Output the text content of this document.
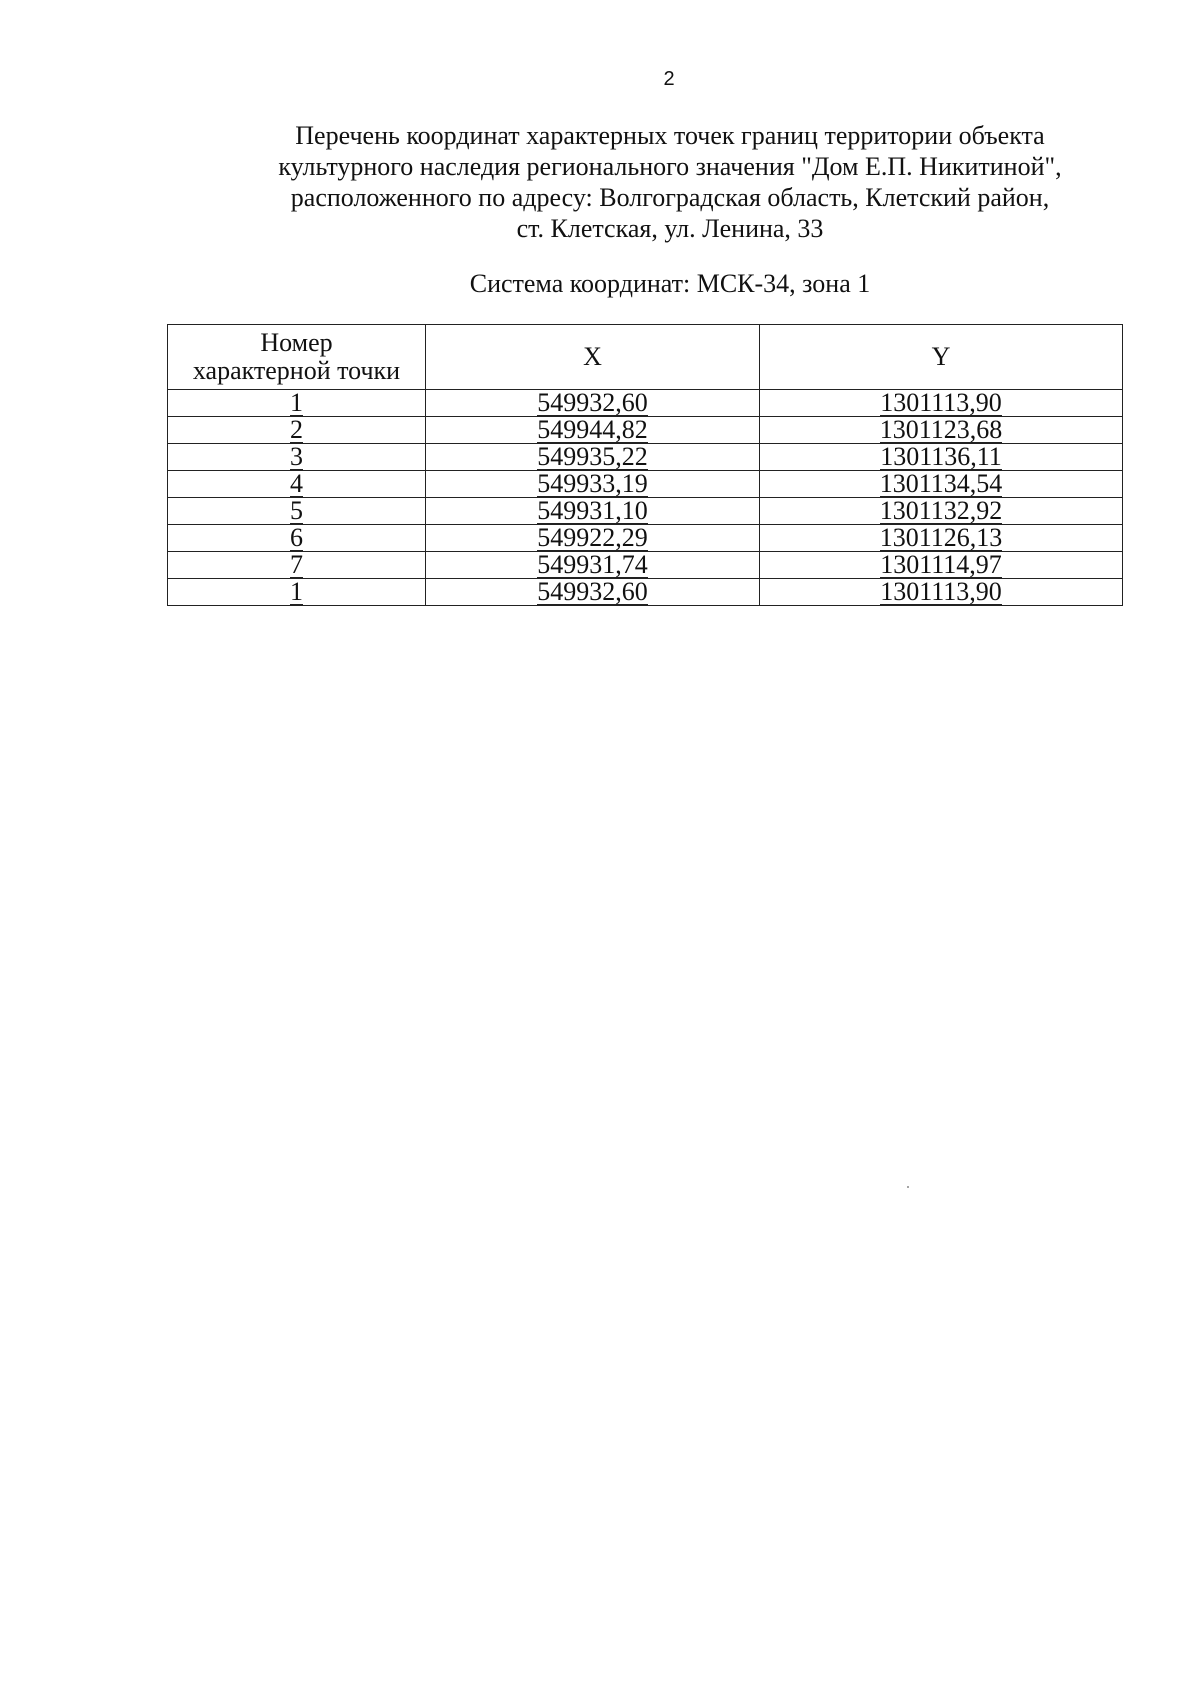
2
Перечень координат характерных точек границ территории объекта
культурного наследия регионального значения "Дом Е.П. Никитиной",
расположенного по адресу: Волгоградская область, Клетский район,
ст. Клетская, ул. Ленина, 33
Система координат: МСК-34, зона 1
Номер
характерной точки	X	Y
1	549932,60	1301113,90
2	549944,82	1301123,68
3	549935,22	1301136,11
4	549933,19	1301134,54
5	549931,10	1301132,92
6	549922,29	1301126,13
7	549931,74	1301114,97
1	549932,60	1301113,90
